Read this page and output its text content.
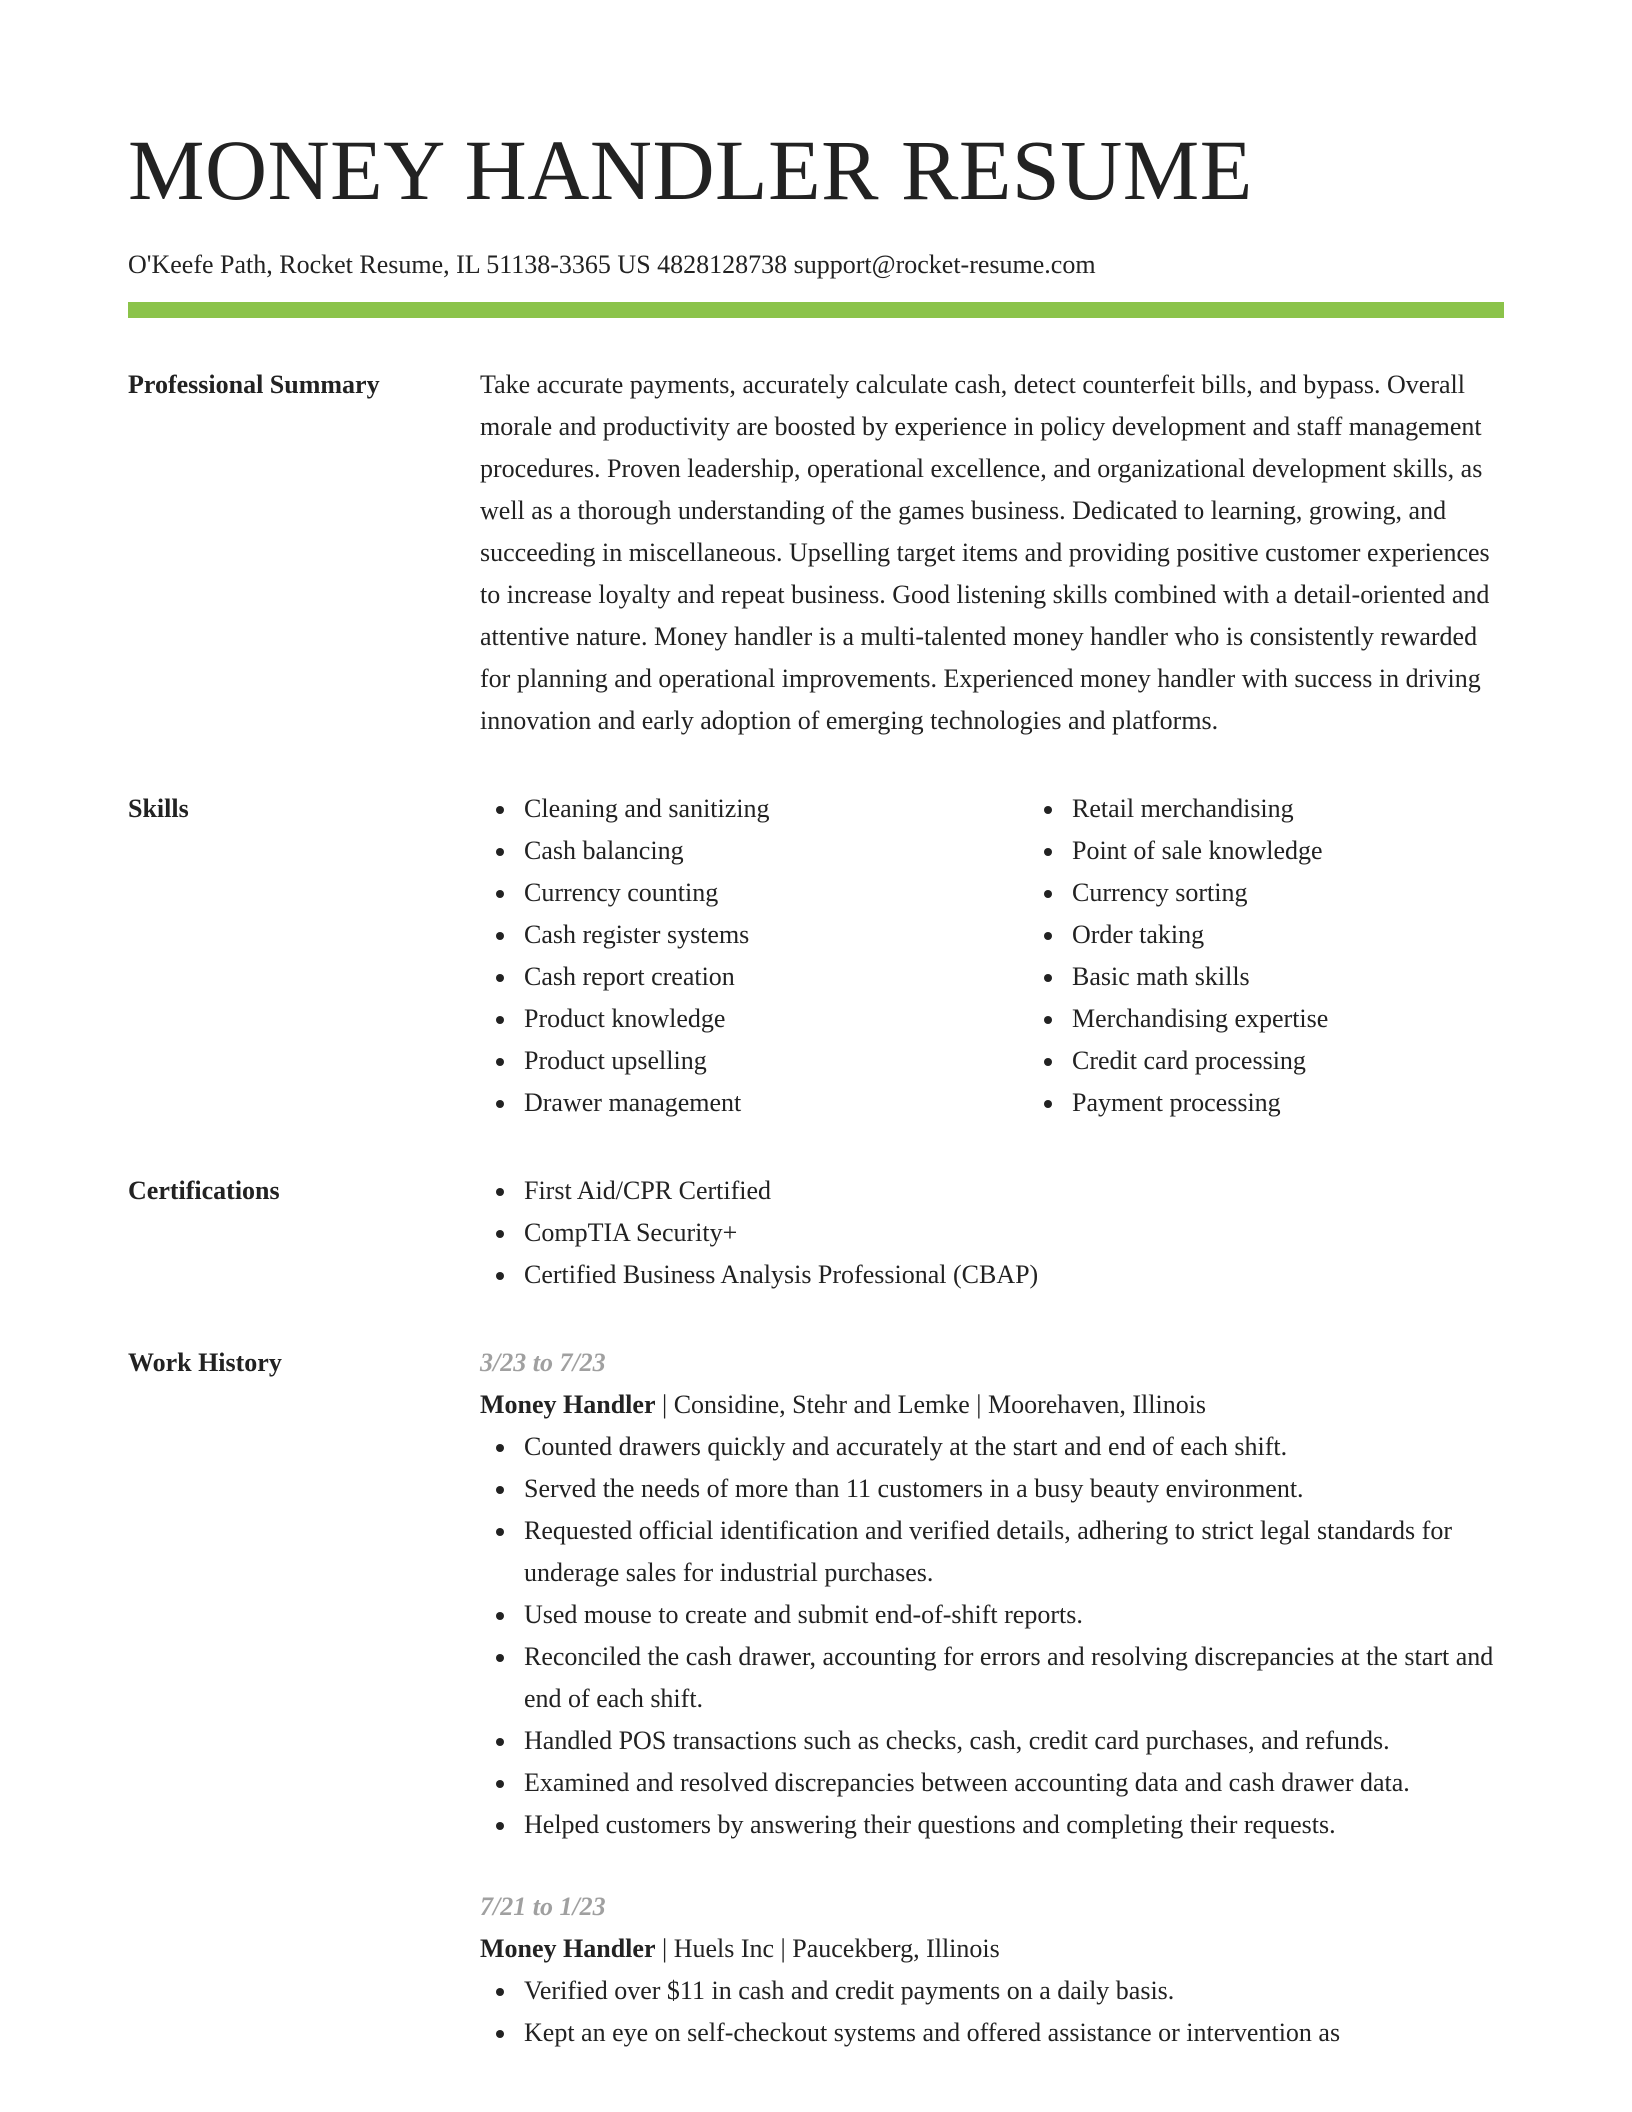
MONEY HANDLER RESUME
O'Keefe Path, Rocket Resume, IL 51138-3365 US 4828128738 support@rocket-resume.com
Professional Summary	Take accurate payments, accurately calculate cash, detect counterfeit bills, and bypass. Overall morale and productivity are boosted by experience in policy development and staff management procedures. Proven leadership, operational excellence, and organizational development skills, as well as a thorough understanding of the games business. Dedicated to learning, growing, and succeeding in miscellaneous. Upselling target items and providing positive customer experiences to increase loyalty and repeat business. Good listening skills combined with a detail-oriented and attentive nature. Money handler is a multi-talented money handler who is consistently rewarded for planning and operational improvements. Experienced money handler with success in driving innovation and early adoption of emerging technologies and platforms.

Skills	Cleaning and sanitizing
Cash balancing
Currency counting
Cash register systems
Cash report creation
Product knowledge
Product upselling
Drawer management
Retail merchandising
Point of sale knowledge
Currency sorting
Order taking
Basic math skills
Merchandising expertise
Credit card processing
Payment processing
Certifications	First Aid/CPR Certified
CompTIA Security+
Certified Business Analysis Professional (CBAP)
Work History	3/23 to 7/23
Money Handler | Considine, Stehr and Lemke | Moorehaven, Illinois
Counted drawers quickly and accurately at the start and end of each shift.
Served the needs of more than 11 customers in a busy beauty environment.
Requested official identification and verified details, adhering to strict legal standards for underage sales for industrial purchases.
Used mouse to create and submit end-of-shift reports.
Reconciled the cash drawer, accounting for errors and resolving discrepancies at the start and end of each shift.
Handled POS transactions such as checks, cash, credit card purchases, and refunds.
Examined and resolved discrepancies between accounting data and cash drawer data.
Helped customers by answering their questions and completing their requests.
7/21 to 1/23
Money Handler | Huels Inc | Paucekberg, Illinois
Verified over $11 in cash and credit payments on a daily basis.
Kept an eye on self-checkout systems and offered assistance or intervention as
